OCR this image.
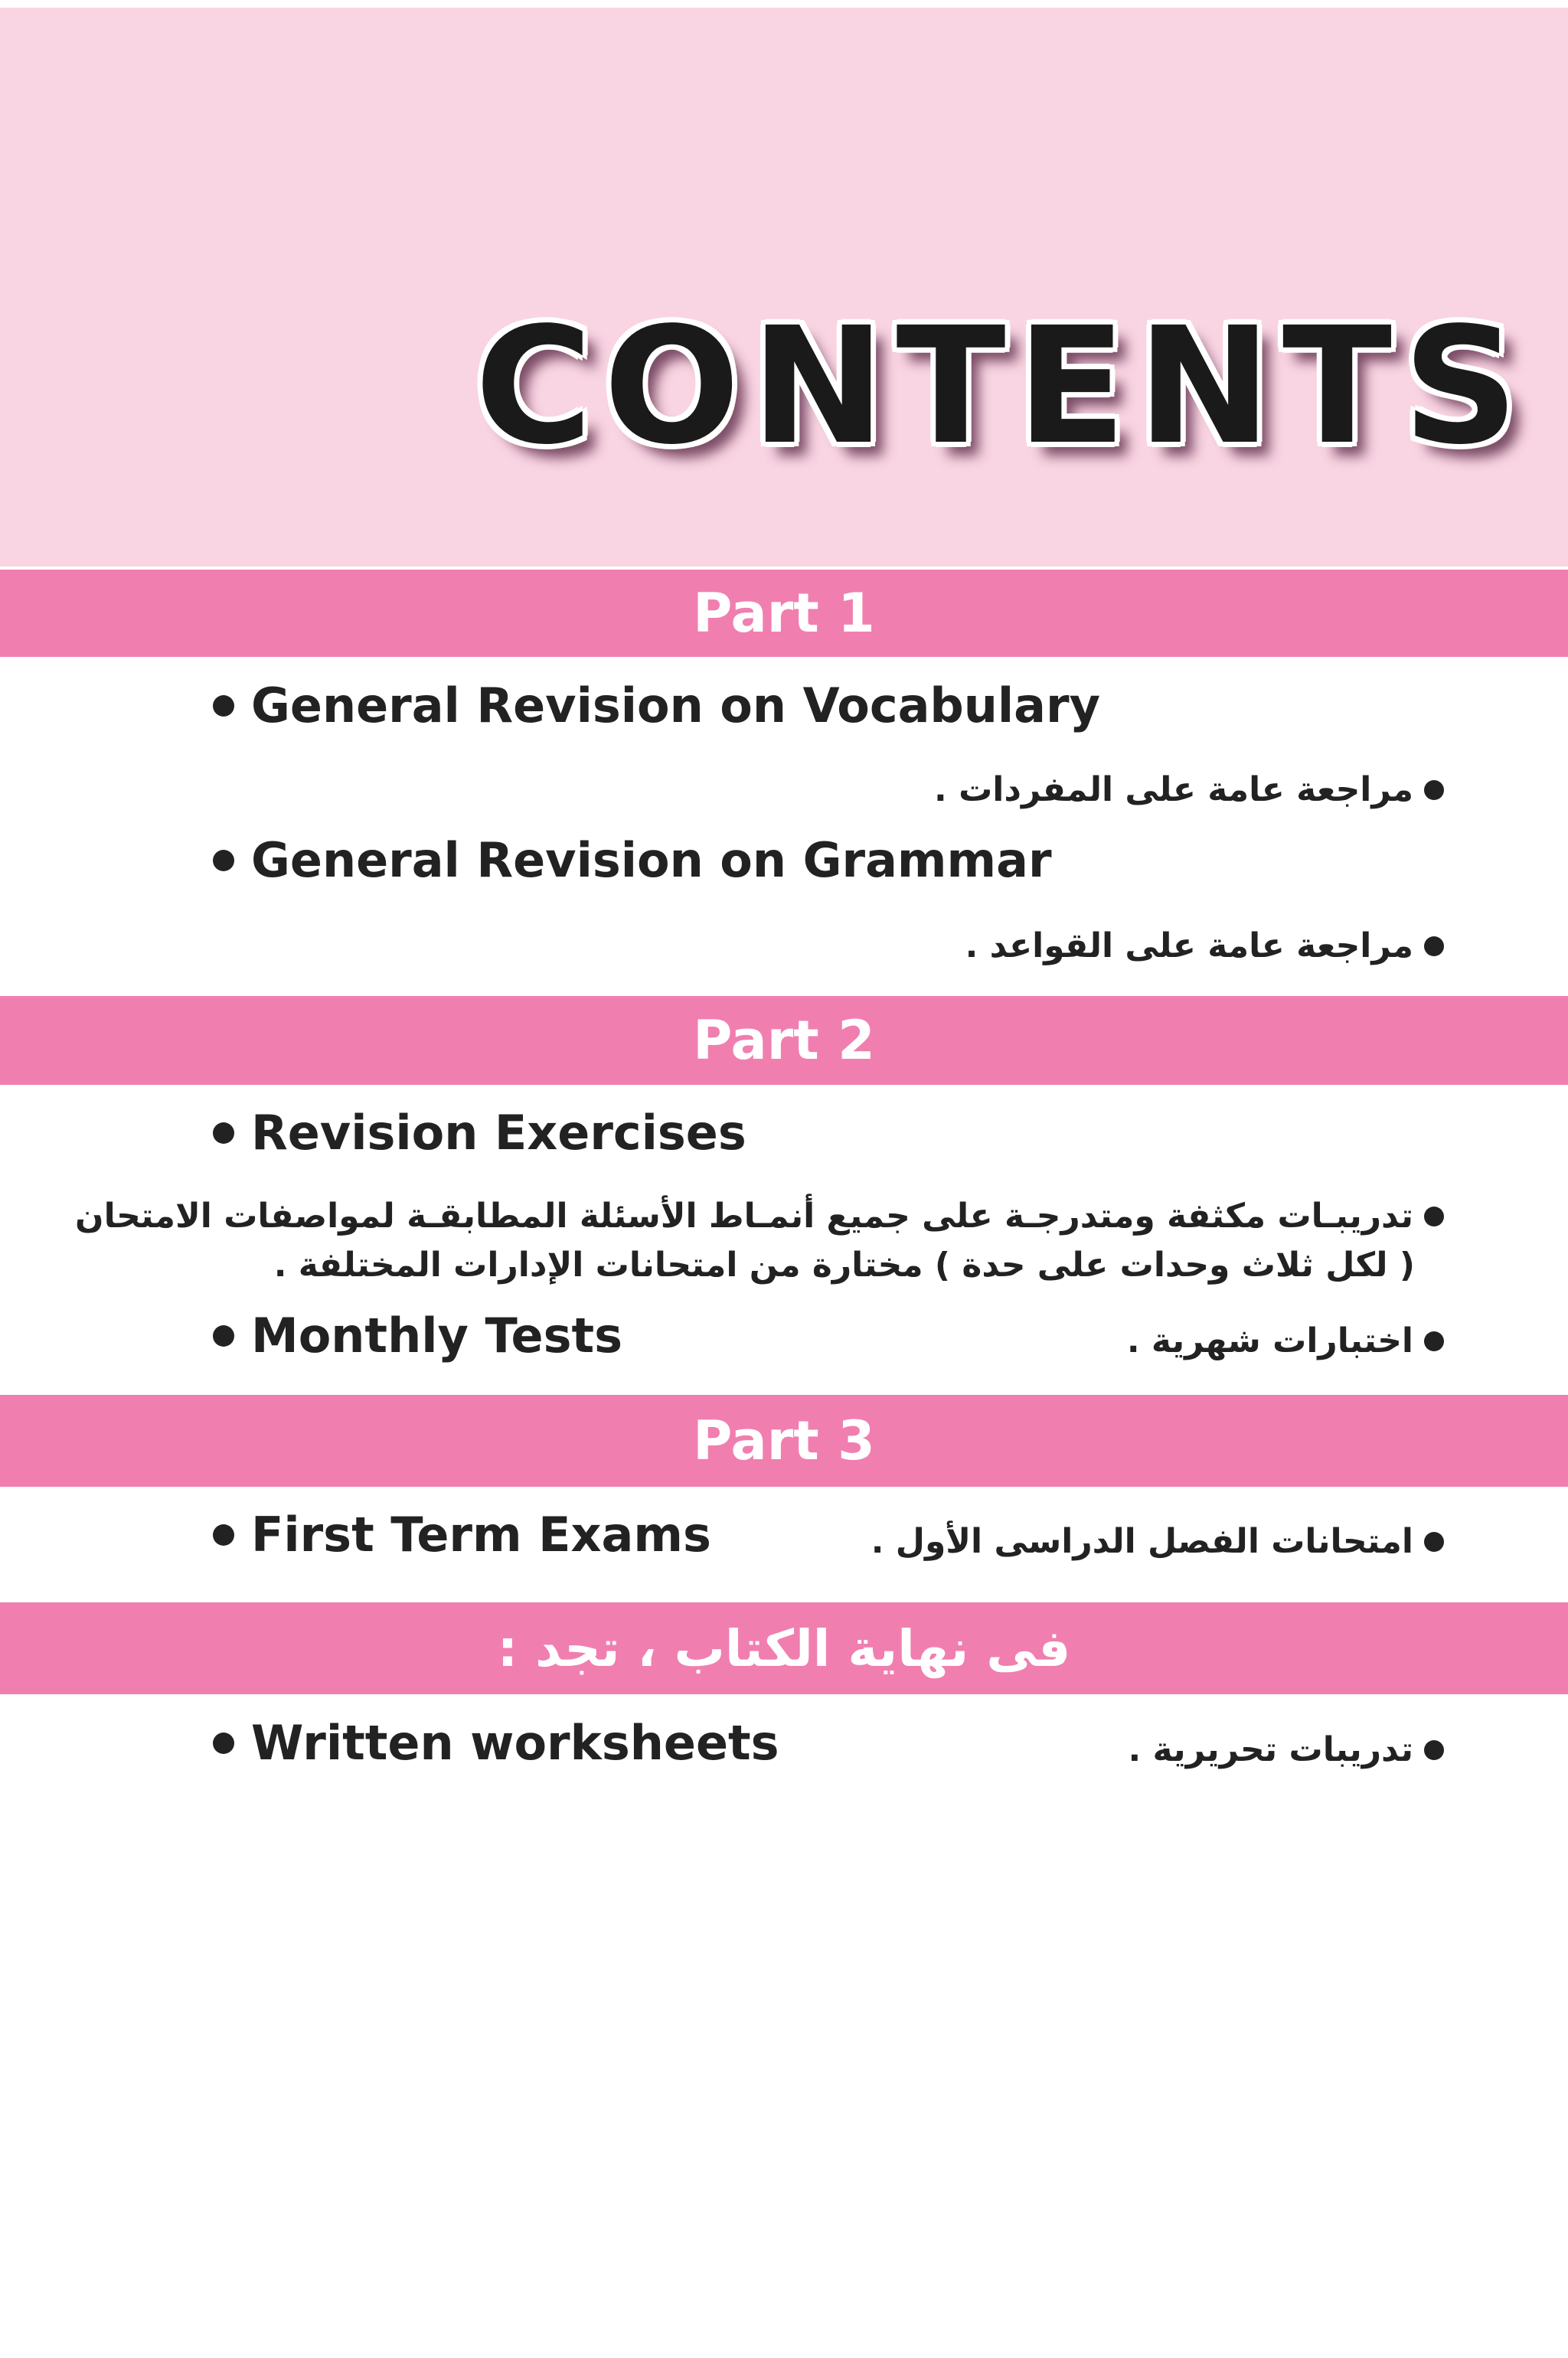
CONTENTS
Part 1
General Revision on Vocabulary
مراجعة عامة على المفردات .
General Revision on Grammar
مراجعة عامة على القواعد .
Part 2
Revision Exercises
تدريبـات مكثفة ومتدرجـة على جميع أنمـاط الأسئلة المطابقـة لمواصفات الامتحان
( لكل ثلاث وحدات على حدة ) مختارة من امتحانات الإدارات المختلفة .
Monthly Tests	اختبارات شهرية .
Part 3
First Term Exams	امتحانات الفصل الدراسى الأول .
فى نهاية الكتاب ، تجد :
Written worksheets	تدريبات تحريرية .
